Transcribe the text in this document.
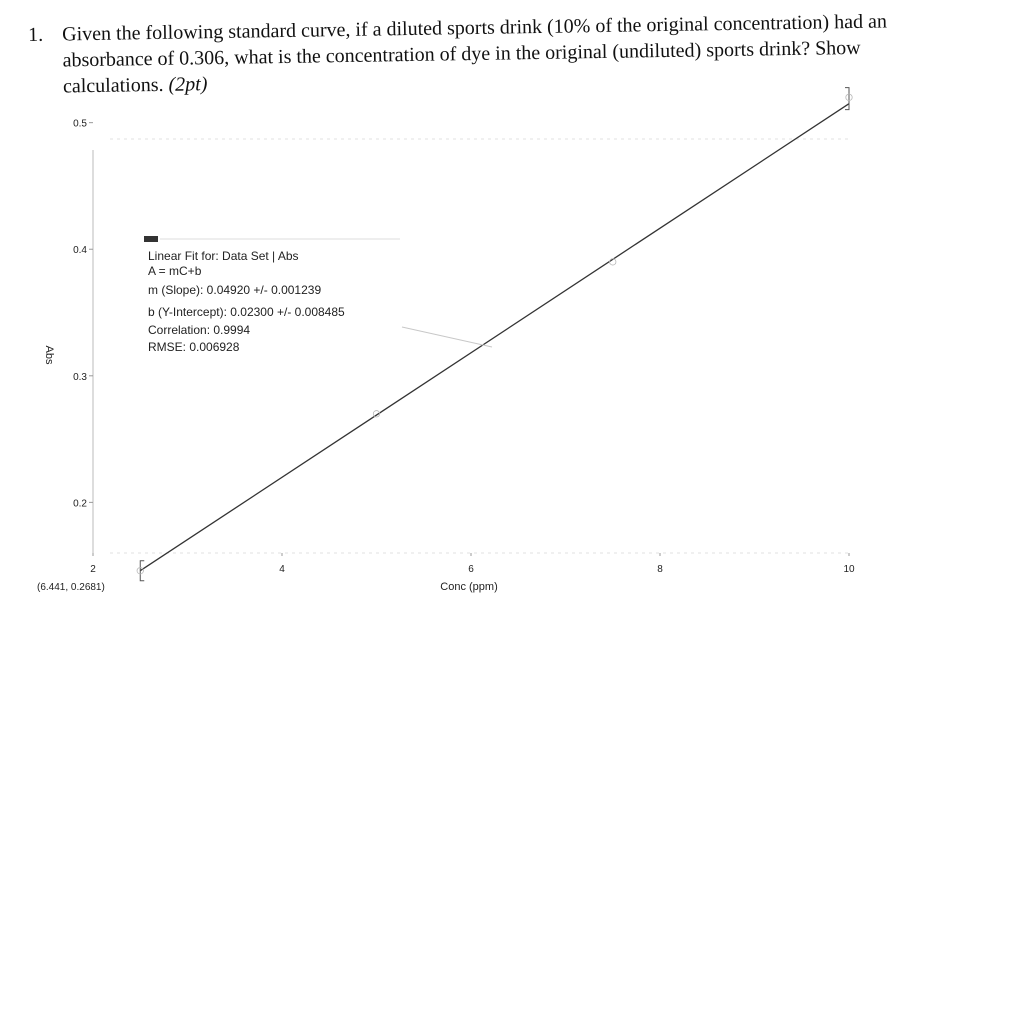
1. Given the following standard curve, if a diluted sports drink (10% of the original concentration) had an absorbance of 0.306, what is the concentration of dye in the original (undiluted) sports drink? Show calculations. (2pt)
0.2
0.3
0.4
0.5
2	4	6	8	10
Linear Fit for: Data Set | Abs
A = mC+b
m (Slope): 0.04920 +/- 0.001239
b (Y-Intercept): 0.02300 +/- 0.008485
Correlation: 0.9994
RMSE: 0.006928
Abs
Conc (ppm)
(6.441, 0.2681)
